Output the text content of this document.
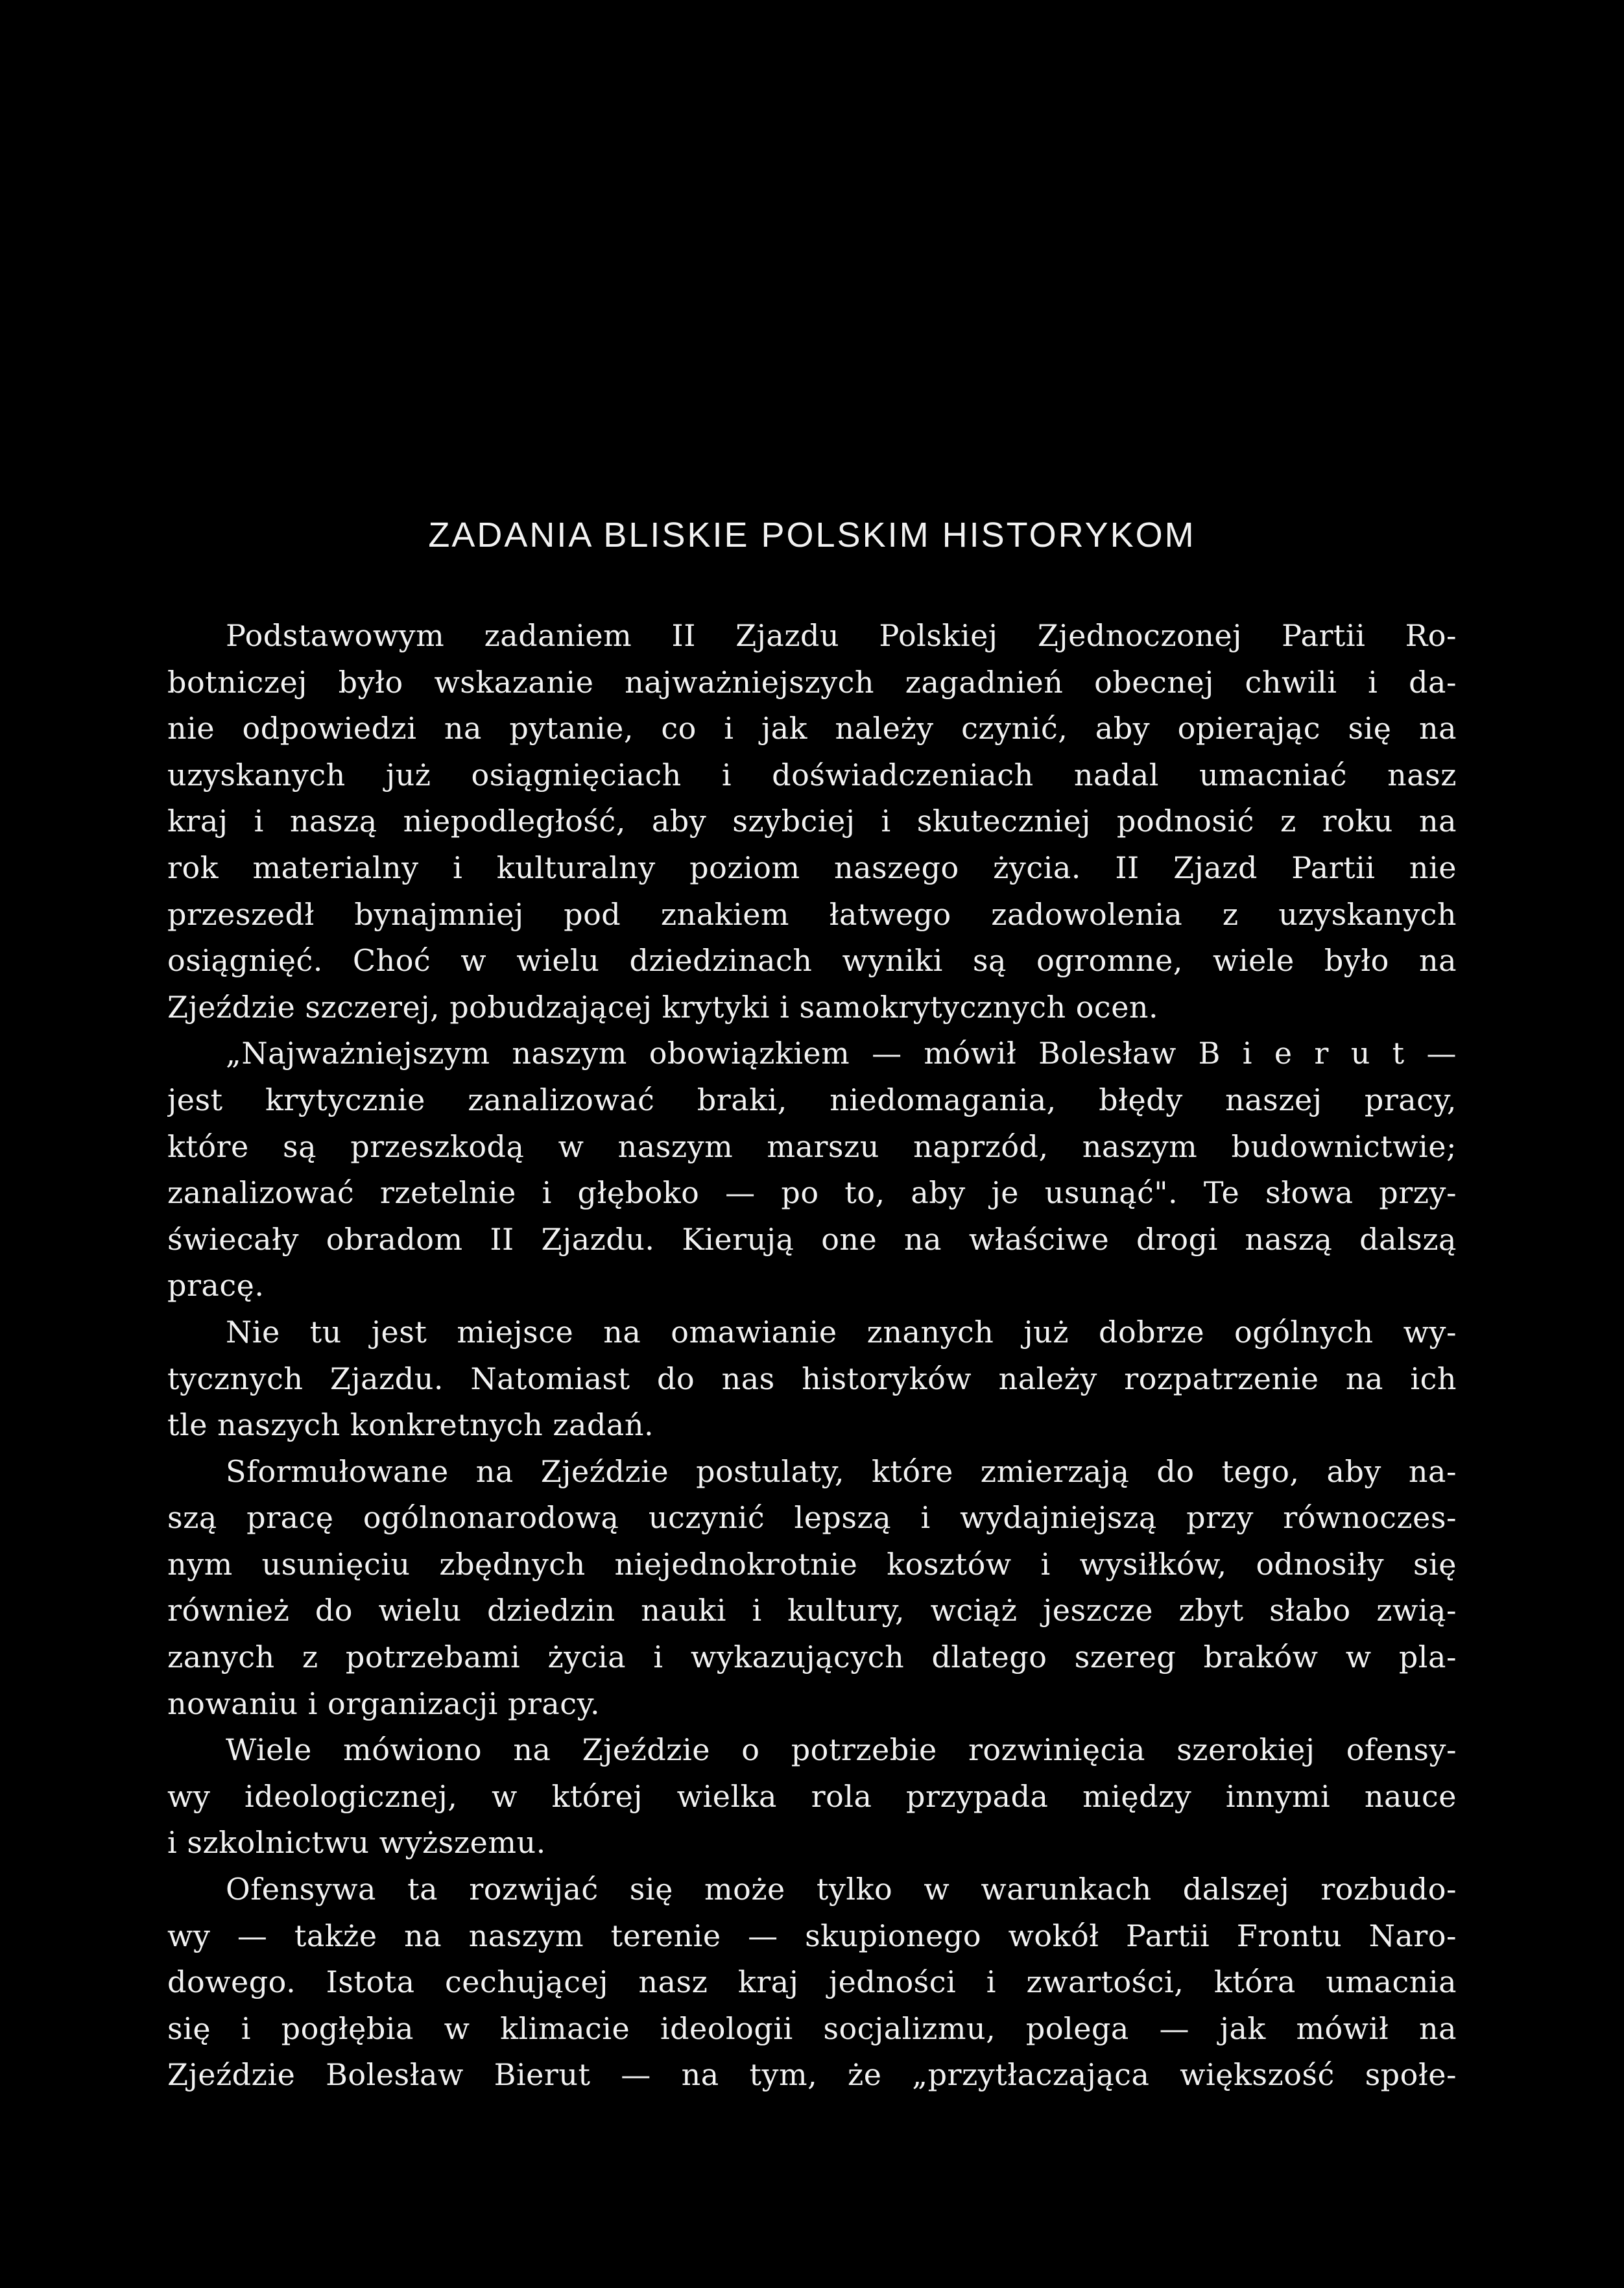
ZADANIA BLISKIE POLSKIM HISTORYKOM
Podstawowym zadaniem II Zjazdu Polskiej Zjednoczonej Partii Ro-
botniczej było wskazanie najważniejszych zagadnień obecnej chwili i da-
nie odpowiedzi na pytanie, co i jak należy czynić, aby opierając się na
uzyskanych już osiągnięciach i doświadczeniach nadal umacniać nasz
kraj i naszą niepodległość, aby szybciej i skuteczniej podnosić z roku na
rok materialny i kulturalny poziom naszego życia. II Zjazd Partii nie
przeszedł bynajmniej pod znakiem łatwego zadowolenia z uzyskanych
osiągnięć. Choć w wielu dziedzinach wyniki są ogromne, wiele było na
Zjeździe szczerej, pobudzającej krytyki i samokrytycznych ocen.
„Najważniejszym naszym obowiązkiem — mówił Bolesław B i e r u t —
jest krytycznie zanalizować braki, niedomagania, błędy naszej pracy,
które są przeszkodą w naszym marszu naprzód, naszym budownictwie;
zanalizować rzetelnie i głęboko — po to, aby je usunąć". Te słowa przy-
świecały obradom II Zjazdu. Kierują one na właściwe drogi naszą dalszą
pracę.
Nie tu jest miejsce na omawianie znanych już dobrze ogólnych wy-
tycznych Zjazdu. Natomiast do nas historyków należy rozpatrzenie na ich
tle naszych konkretnych zadań.
Sformułowane na Zjeździe postulaty, które zmierzają do tego, aby na-
szą pracę ogólnonarodową uczynić lepszą i wydajniejszą przy równoczes-
nym usunięciu zbędnych niejednokrotnie kosztów i wysiłków, odnosiły się
również do wielu dziedzin nauki i kultury, wciąż jeszcze zbyt słabo zwią-
zanych z potrzebami życia i wykazujących dlatego szereg braków w pla-
nowaniu i organizacji pracy.
Wiele mówiono na Zjeździe o potrzebie rozwinięcia szerokiej ofensy-
wy ideologicznej, w której wielka rola przypada między innymi nauce
i szkolnictwu wyższemu.
Ofensywa ta rozwijać się może tylko w warunkach dalszej rozbudo-
wy — także na naszym terenie — skupionego wokół Partii Frontu Naro-
dowego. Istota cechującej nasz kraj jedności i zwartości, która umacnia
się i pogłębia w klimacie ideologii socjalizmu, polega — jak mówił na
Zjeździe Bolesław Bierut — na tym, że „przytłaczająca większość społe-
